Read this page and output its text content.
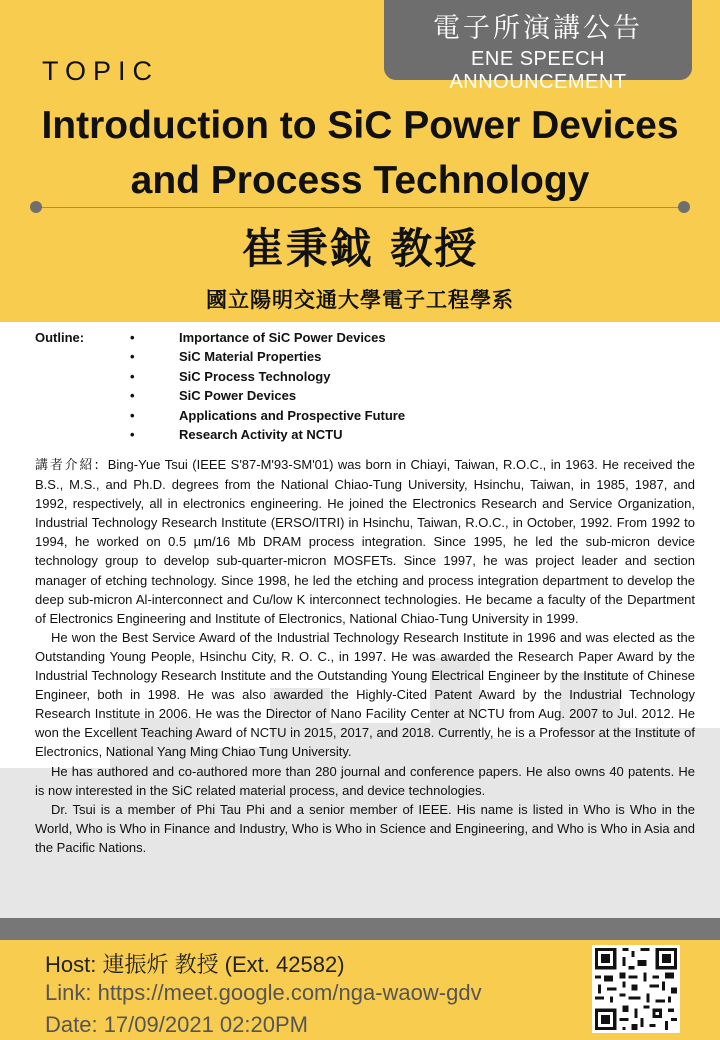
電子所演講公告
ENE SPEECH ANNOUNCEMENT
TOPIC
Introduction to SiC Power Devices and Process Technology
崔秉鉞 教授
國立陽明交通大學電子工程學系
Outline:
•	Importance of SiC Power Devices
• SiC Material Properties
• SiC Process Technology
• SiC Power Devices
• Applications and Prospective Future
• Research Activity at NCTU

講者介紹: Bing-Yue Tsui (IEEE S'87-M'93-SM'01) was born in Chiayi, Taiwan, R.O.C., in 1963. He received the B.S., M.S., and Ph.D. degrees from the National Chiao-Tung University, Hsinchu, Taiwan, in 1985, 1987, and 1992, respectively, all in electronics engineering. He joined the Electronics Research and Service Organization, Industrial Technology Research Institute (ERSO/ITRI) in Hsinchu, Taiwan, R.O.C., in October, 1992. From 1992 to 1994, he worked on 0.5 µm/16 Mb DRAM process integration. Since 1995, he led the sub-micron device technology group to develop sub-quarter-micron MOSFETs. Since 1997, he was project leader and section manager of etching technology. Since 1998, he led the etching and process integration department to develop the deep sub-micron Al-interconnect and Cu/low K interconnect technologies. He became a faculty of the Department of Electronics Engineering and Institute of Electronics, National Chiao-Tung University in 1999.

He won the Best Service Award of the Industrial Technology Research Institute in 1996 and was elected as the Outstanding Young People, Hsinchu City, R. O. C., in 1997. He was awarded the Research Paper Award by the Industrial Technology Research Institute and the Outstanding Young Electrical Engineer by the Institute of Chinese Engineer, both in 1998. He was also awarded the Highly-Cited Patent Award by the Industrial Technology Research Institute in 2006. He was the Director of Nano Facility Center at NCTU from Aug. 2007 to Jul. 2012. He won the Excellent Teaching Award of NCTU in 2015, 2017, and 2018. Currently, he is a Professor at the Institute of Electronics, National Yang Ming Chiao Tung University.

He has authored and co-authored more than 280 journal and conference papers. He also owns 40 patents. He is now interested in the SiC related material process, and device technologies.

Dr. Tsui is a member of Phi Tau Phi and a senior member of IEEE. His name is listed in Who is Who in the World, Who is Who in Finance and Industry, Who is Who in Science and Engineering, and Who is Who in Asia and the Pacific Nations.

Host: 連振炘 教授 (Ext. 42582)
Link: https://meet.google.com/nga-waow-gdv
Date: 17/09/2021 02:20PM
